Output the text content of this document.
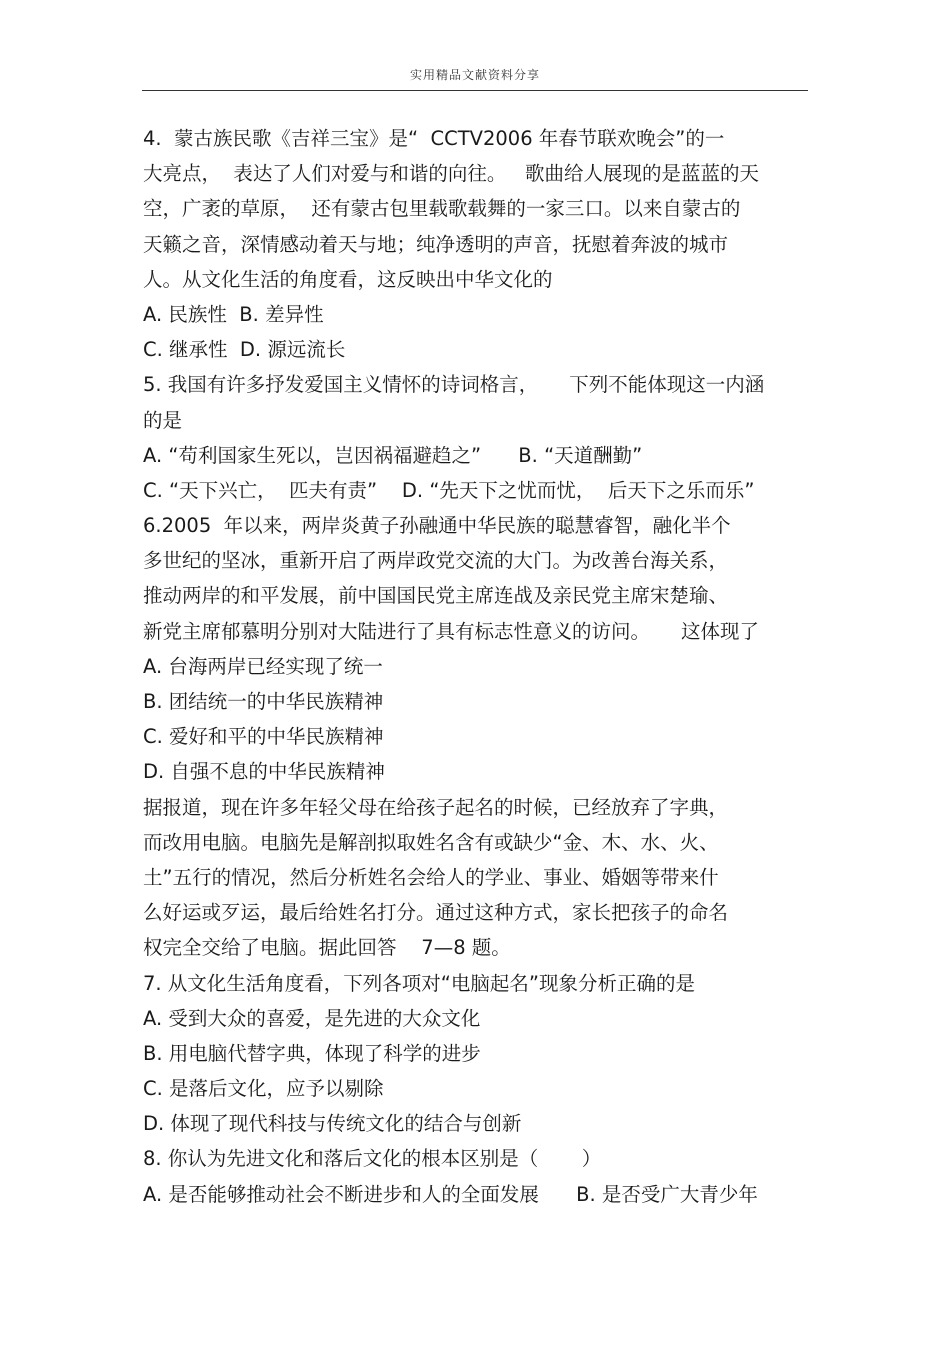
实用精品文献资料分享
4.  蒙古族民歌《吉祥三宝》是“  CCTV2006 年春节联欢晚会”的一
大亮点，  表达了人们对爱与和谐的向往。   歌曲给人展现的是蓝蓝的天
空，广袤的草原，  还有蒙古包里载歌载舞的一家三口。以来自蒙古的
天籁之音，深情感动着天与地；纯净透明的声音，抚慰着奔波的城市
人。从文化生活的角度看，这反映出中华文化的
A. 民族性  B. 差异性
C. 继承性  D. 源远流长
5. 我国有许多抒发爱国主义情怀的诗词格言，     下列不能体现这一内涵
的是
A. “苟利国家生死以，岂因祸福避趋之”      B. “天道酬勤”
C. “天下兴亡，  匹夫有责”    D. “先天下之忧而忧，  后天下之乐而乐”
6.2005  年以来，两岸炎黄子孙融通中华民族的聪慧睿智，融化半个
多世纪的坚冰，重新开启了两岸政党交流的大门。为改善台海关系，
推动两岸的和平发展，前中国国民党主席连战及亲民党主席宋楚瑜、
新党主席郁慕明分别对大陆进行了具有标志性意义的访问。     这体现了
A. 台海两岸已经实现了统一
B. 团结统一的中华民族精神
C. 爱好和平的中华民族精神
D. 自强不息的中华民族精神
据报道，现在许多年轻父母在给孩子起名的时候，已经放弃了字典，
而改用电脑。电脑先是解剖拟取姓名含有或缺少“金、木、水、火、
土”五行的情况，然后分析姓名会给人的学业、事业、婚姻等带来什
么好运或歹运，最后给姓名打分。通过这种方式，家长把孩子的命名
权完全交给了电脑。据此回答    7—8 题。
7. 从文化生活角度看，下列各项对“电脑起名”现象分析正确的是
A. 受到大众的喜爱，是先进的大众文化
B. 用电脑代替字典，体现了科学的进步
C. 是落后文化，应予以剔除
D. 体现了现代科技与传统文化的结合与创新
8. 你认为先进文化和落后文化的根本区别是（       ）
A. 是否能够推动社会不断进步和人的全面发展      B. 是否受广大青少年
